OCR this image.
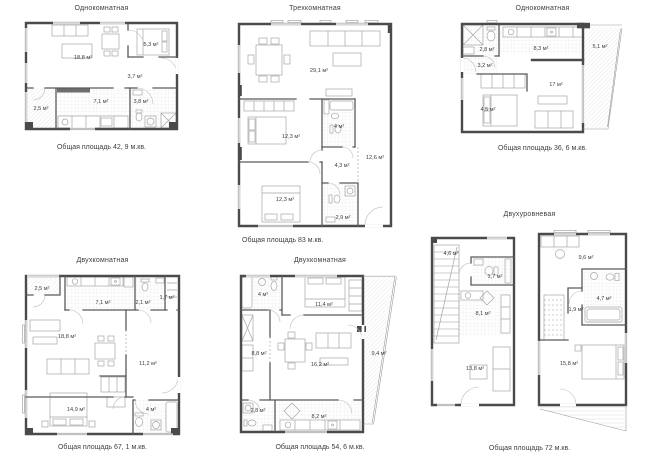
Однокомнатная	Трехкомнатная	Однокомнатная
Двухкомнатная	Двухкомнатная
Двухуровневая
18,8 м²
5,3 м²
3,7 м²
3,8 м²
7,1 м²
2,5 м²
29,1 м²
12,3 м²
4 м²
4,3 м²
12,6 м²
12,3 м²
2,9 м²
2,8 м²	8,3 м²	5,1 м²
3,2 м²
4,5 м²
17 м²
2,5 м²
7,1 м²	2,1 м²
1,7 м²
18,8 м²
11,2 м²
14,9 м²	4 м²
4 м²
11,4 м²
8,8 м²
16,2 м²
9,4 м²
2,8 м²
8,2 м²
4,6 м²
1,7 м²
8,1 м²
13,8 м²
9,6 м²
4,7 м²
1,9 м²
15,8 м²
Общая площадь 42, 9 м.кв.
Общая площадь 83 м.кв.
Общая площадь 36, 6 м.кв.
Общая площадь 67, 1 м.кв.	Общая площадь 54, 6 м.кв.	Общая площадь 72 м.кв.
